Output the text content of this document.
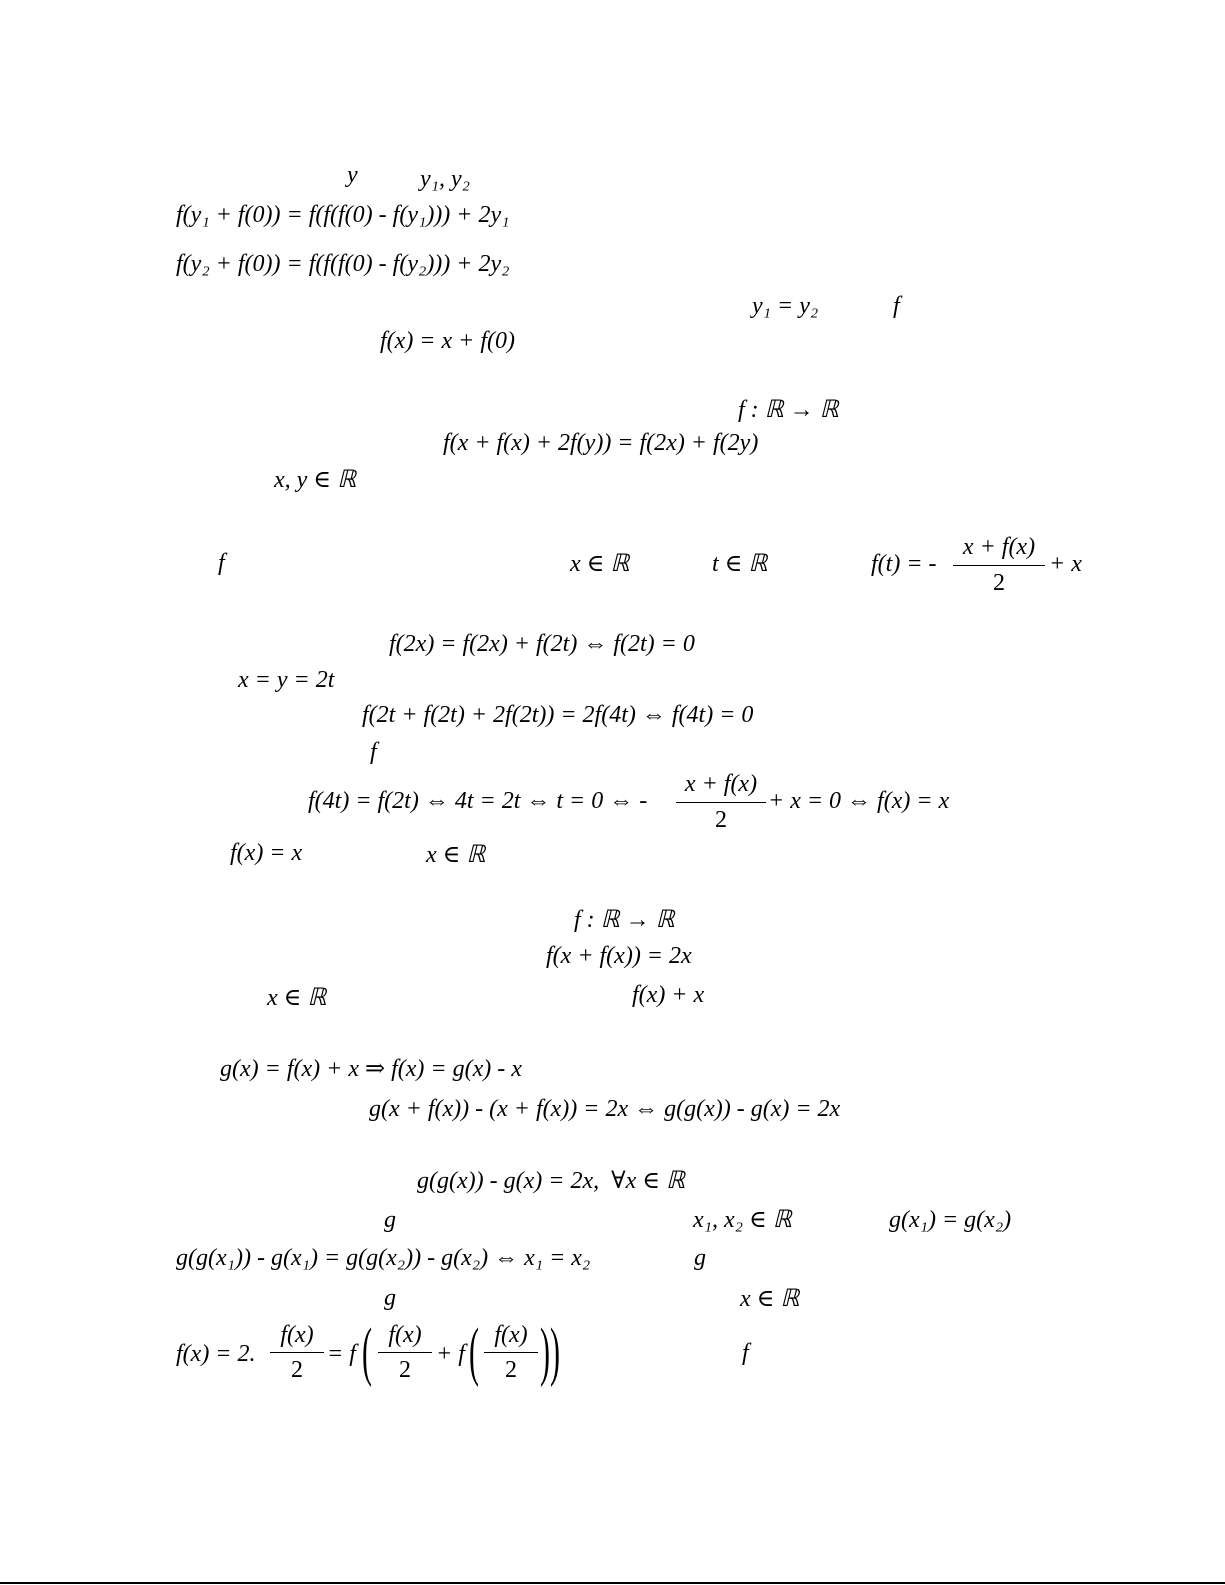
y	y₁, y₂
f(y₁ + f(0)) = f(f(f(0) - f(y₁))) + 2y₁
f(y₂ + f(0)) = f(f(f(0) - f(y₂))) + 2y₂
y₁ = y₂	f
f(x) = x + f(0)
f : ℝ → ℝ
f(x + f(x) + 2f(y)) = f(2x) + f(2y)
x, y ∈ ℝ
f	x ∈ ℝ	t ∈ ℝ	f(t) = -
x + f(x)
2
+ x
f(2x) = f(2x) + f(2t) ⇔ f(2t) = 0
x = y = 2t
f(2t + f(2t) + 2f(2t)) = 2f(4t) ⇔ f(4t) = 0
f
f(4t) = f(2t) ⇔ 4t = 2t ⇔ t = 0 ⇔ -
x + f(x)
2
+ x = 0 ⇔ f(x) = x
f(x) = x	x ∈ ℝ
f : ℝ → ℝ
f(x + f(x)) = 2x
x ∈ ℝ	f(x) + x
g(x) = f(x) + x ⇒ f(x) = g(x) - x
g(x + f(x)) - (x + f(x)) = 2x ⇔ g(g(x)) - g(x) = 2x
g(g(x)) - g(x) = 2x,  ∀x ∈ ℝ
g	x₁, x₂ ∈ ℝ	g(x₁) = g(x₂)
g(g(x₁)) - g(x₁) = g(g(x₂)) - g(x₂) ⇔ x₁ = x₂	g
g	x ∈ ℝ
f(x) = 2.
f(x)
2
= f ( f(x)
2
+ f ( f(x)
2 ) )	f
